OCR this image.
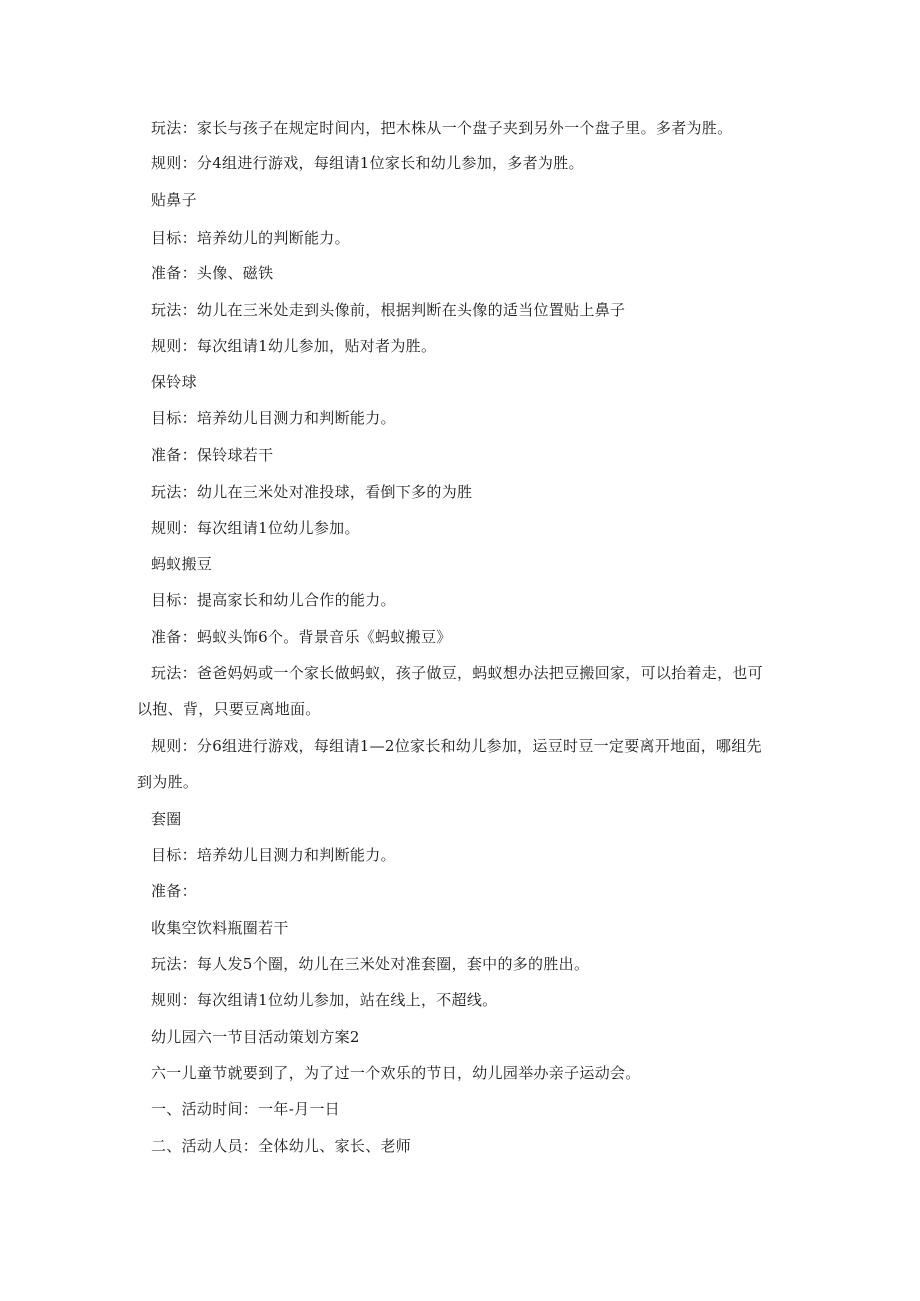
玩法：家长与孩子在规定时间内，把木株从一个盘子夹到另外一个盘子里。多者为胜。
规则：分4组进行游戏，每组请1位家长和幼儿参加，多者为胜。
贴鼻子
目标：培养幼儿的判断能力。
准备：头像、磁铁
玩法：幼儿在三米处走到头像前，根据判断在头像的适当位置贴上鼻子
规则：每次组请1幼儿参加，贴对者为胜。
保铃球
目标：培养幼儿目测力和判断能力。
准备：保铃球若干
玩法：幼儿在三米处对准投球，看倒下多的为胜
规则：每次组请1位幼儿参加。
蚂蚁搬豆
目标：提高家长和幼儿合作的能力。
准备：蚂蚁头饰6个。背景音乐《蚂蚁搬豆》
玩法：爸爸妈妈或一个家长做蚂蚁，孩子做豆，蚂蚁想办法把豆搬回家，可以抬着走，也可
以抱、背，只要豆离地面。
规则：分6组进行游戏，每组请1—2位家长和幼儿参加，运豆时豆一定要离开地面，哪组先
到为胜。
套圈
目标：培养幼儿目测力和判断能力。
准备：
收集空饮料瓶圈若干
玩法：每人发5个圈，幼儿在三米处对准套圈，套中的多的胜出。
规则：每次组请1位幼儿参加，站在线上，不超线。
幼儿园六一节目活动策划方案2
六一儿童节就要到了，为了过一个欢乐的节日，幼儿园举办亲子运动会。
一、活动时间：一年-月一日
二、活动人员：全体幼儿、家长、老师
